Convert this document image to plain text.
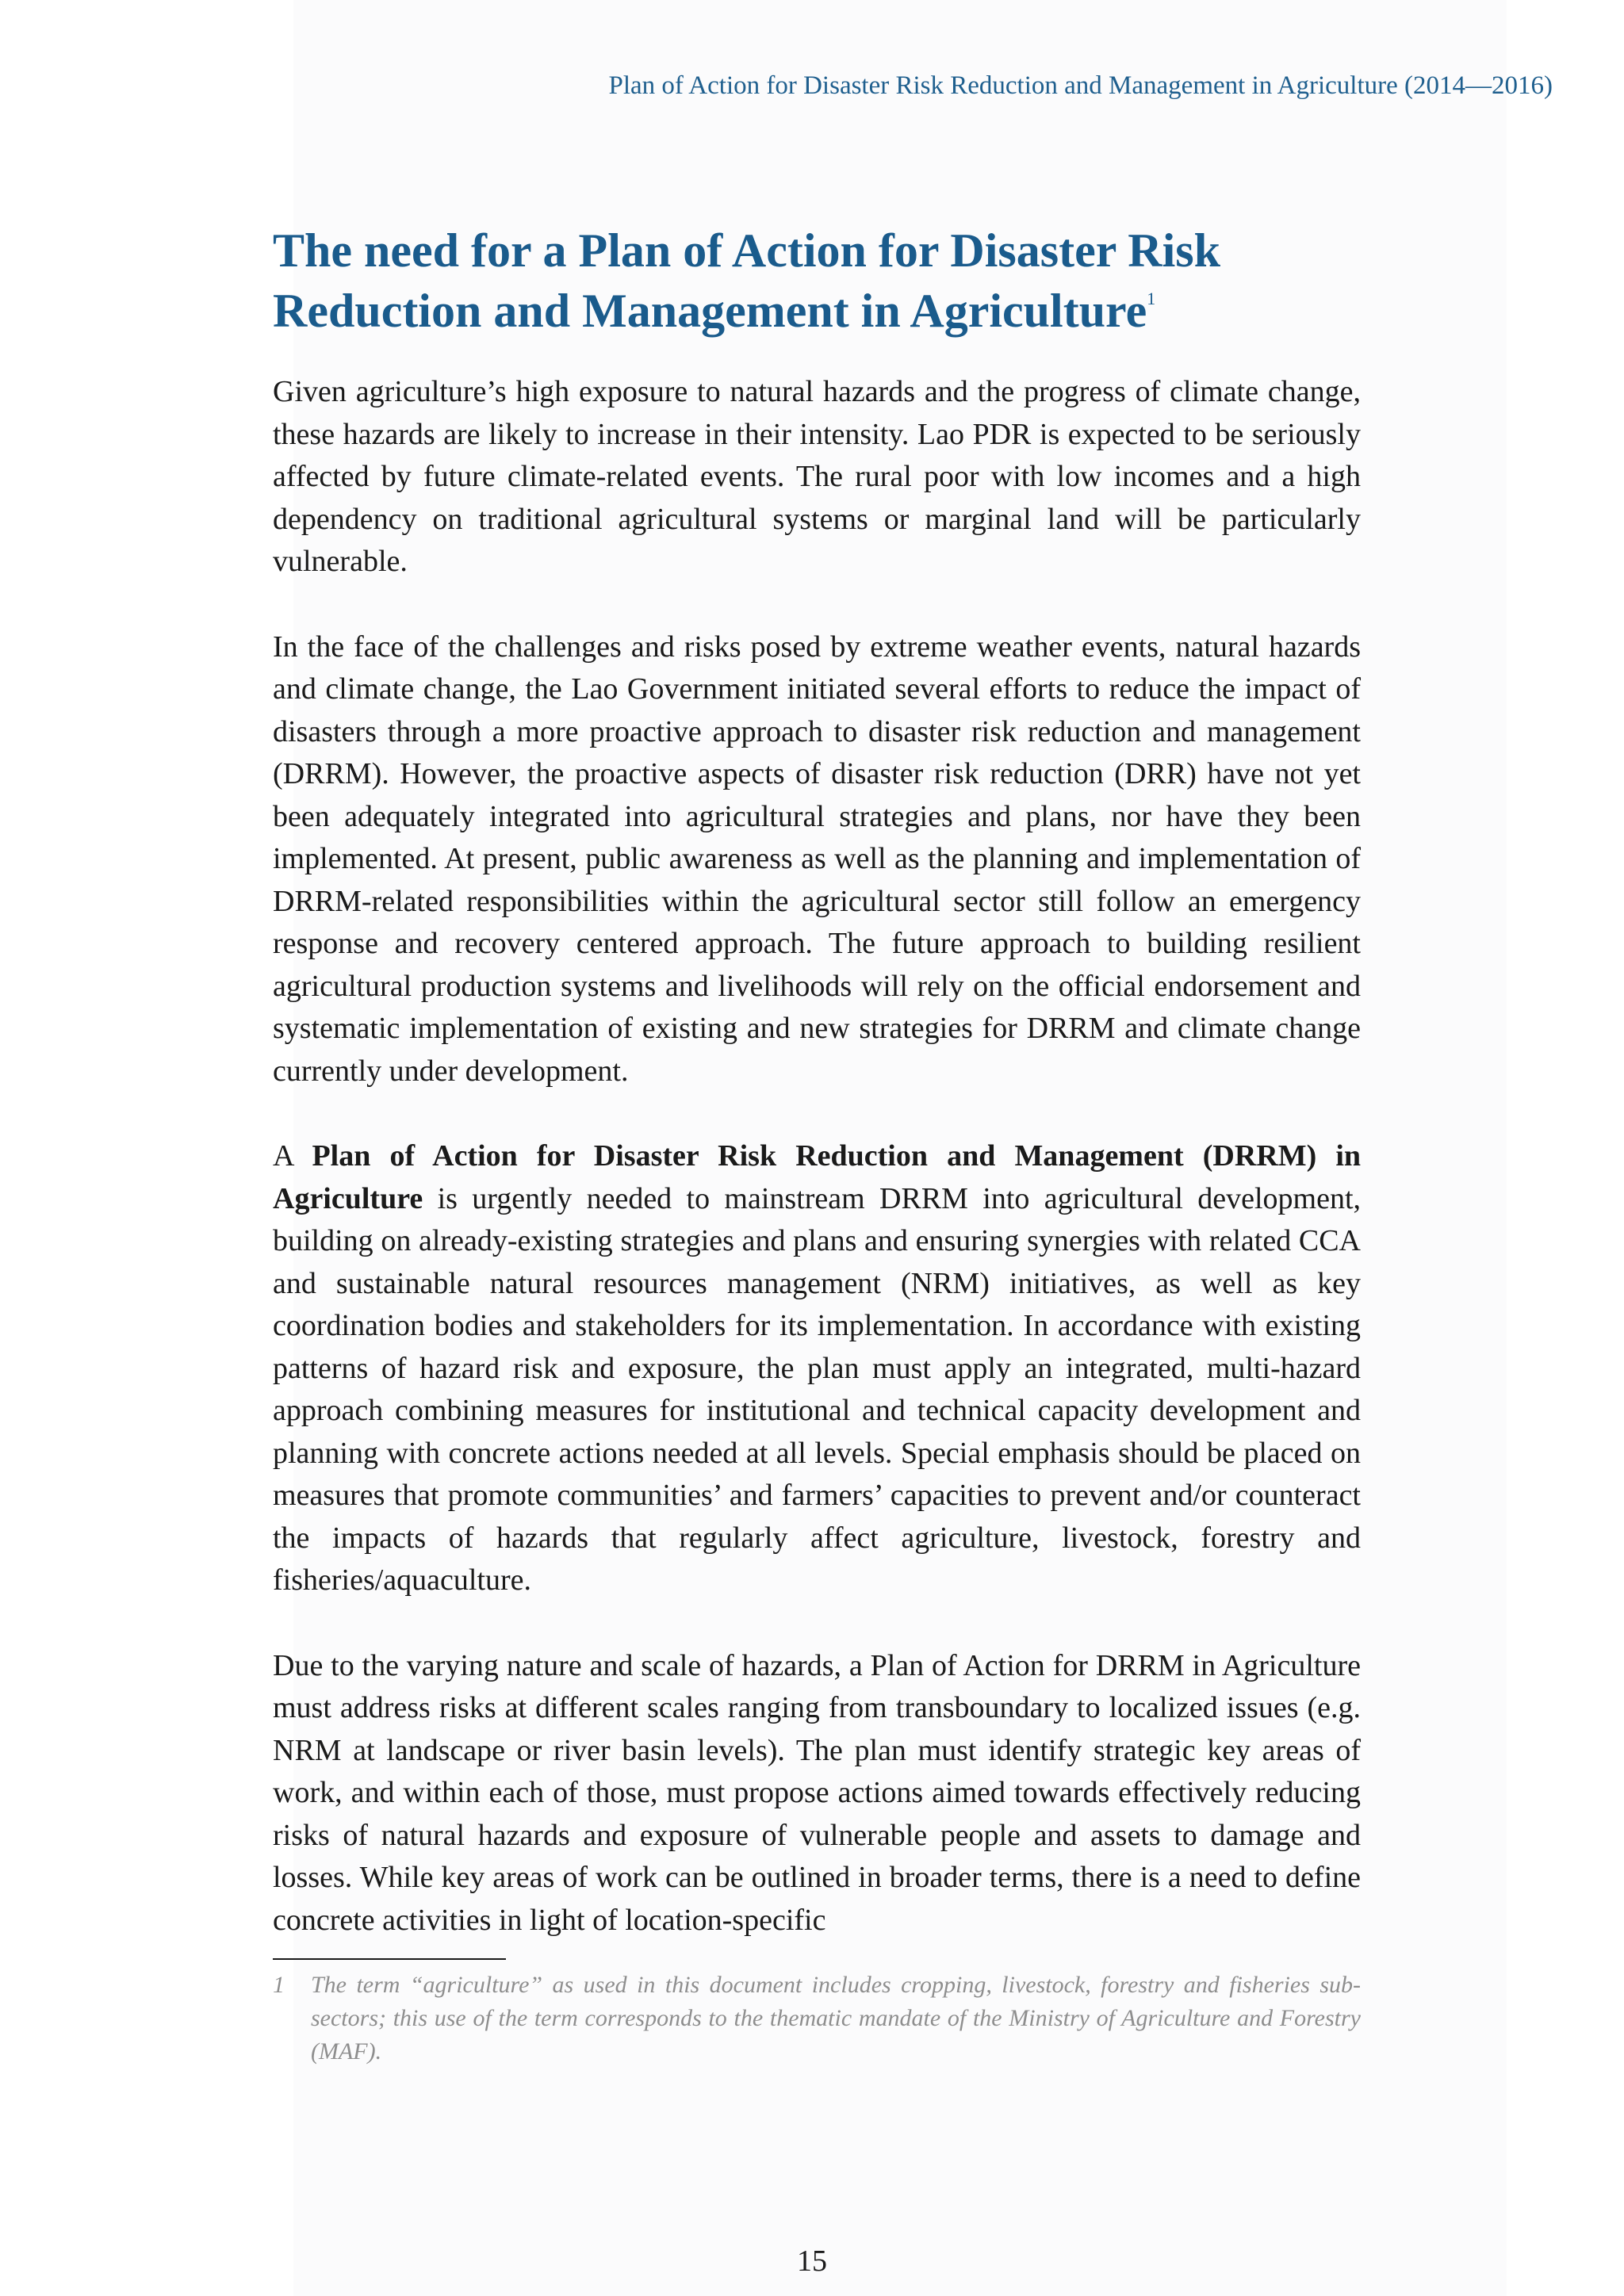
Plan of Action for Disaster Risk Reduction and Management in Agriculture (2014—2016)
The need for a Plan of Action for Disaster Risk Reduction and Management in Agriculture$^1$

Given agriculture’s high exposure to natural hazards and the progress of climate change, these hazards are likely to increase in their intensity. Lao PDR is expected to be seriously affected by future climate-related events. The rural poor with low incomes and a high dependency on traditional agricultural systems or marginal land will be particularly vulnerable.

In the face of the challenges and risks posed by extreme weather events, natural hazards and climate change, the Lao Government initiated several efforts to reduce the impact of disasters through a more proactive approach to disaster risk reduction and management (DRRM). However, the proactive aspects of disaster risk reduction (DRR) have not yet been adequately integrated into agricultural strategies and plans, nor have they been implemented. At present, public awareness as well as the planning and implementation of DRRM-related responsibilities within the agricultural sector still follow an emergency response and recovery centered approach. The future approach to building resilient agricultural production systems and livelihoods will rely on the official endorsement and systematic implementation of existing and new strategies for DRRM and climate change currently under development.

A Plan of Action for Disaster Risk Reduction and Management (DRRM) in Agriculture is urgently needed to mainstream DRRM into agricultural development, building on already-existing strategies and plans and ensuring synergies with related CCA and sustainable natural resources management (NRM) initiatives, as well as key coordination bodies and stakeholders for its implementation. In accordance with existing patterns of hazard risk and exposure, the plan must apply an integrated, multi-hazard approach combining measures for institutional and technical capacity development and planning with concrete actions needed at all levels. Special emphasis should be placed on measures that promote communities’ and farmers’ capacities to prevent and/or counteract the impacts of hazards that regularly affect agriculture, livestock, forestry and fisheries/aquaculture.

Due to the varying nature and scale of hazards, a Plan of Action for DRRM in Agriculture must address risks at different scales ranging from transboundary to localized issues (e.g. NRM at landscape or river basin levels). The plan must identify strategic key areas of work, and within each of those, must propose actions aimed towards effectively reducing risks of natural hazards and exposure of vulnerable people and assets to damage and losses. While key areas of work can be outlined in broader terms, there is a need to define concrete activities in light of location-specific

1	The term “agriculture” as used in this document includes cropping, livestock, forestry and fisheries sub-sectors; this use of the term corresponds to the thematic mandate of the Ministry of Agriculture and Forestry (MAF).
15
